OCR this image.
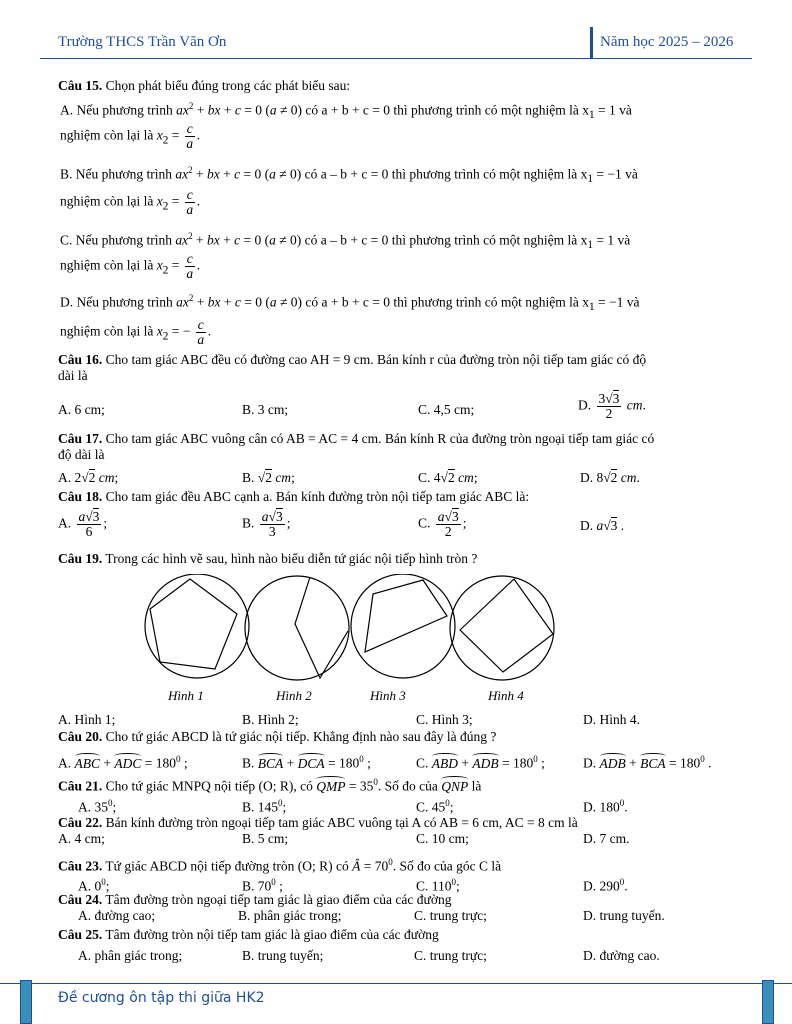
Trường THCS Trần Văn Ơn	Năm học 2025 – 2026
Câu 15. Chọn phát biểu đúng trong các phát biểu sau:
A. Nếu phương trình $ax^2$ + bx + c = 0 (a ≠ 0) có a + b + c = 0 thì phương trình có một nghiệm là $x_1 = 1$ và
nghiệm còn lại là $x_2 = \frac{c}{a}$ .
B. Nếu phương trình $ax^2$ + bx + c = 0 (a ≠ 0) có a – b + c = 0 thì phương trình có một nghiệm là $x_1 = -1$ và
nghiệm còn lại là $x_2 = \frac{c}{a}$ .
C. Nếu phương trình $ax^2$ + bx + c = 0 (a ≠ 0) có a – b + c = 0 thì phương trình có một nghiệm là $x_1 = 1$ và
nghiệm còn lại là $x_2 = \frac{c}{a}$ .
D. Nếu phương trình $ax^2$ + bx + c = 0 (a ≠ 0) có a + b + c = 0 thì phương trình có một nghiệm là $x_1 = -1$ và
nghiệm còn lại là $x_2$ = − $\frac{c}{a}$ .
Câu 16. Cho tam giác ABC đều có đường cao AH = 9 cm. Bán kính r của đường tròn nội tiếp tam giác có độ
dài là
A. 6 cm;	B. 3 cm;	C. 4,5 cm;	D. $\frac{3√3}{2}$ cm.
Câu 17. Cho tam giác ABC vuông cân có AB = AC = 4 cm. Bán kính R của đường tròn ngoại tiếp tam giác có
độ dài là
A. 2√2 cm;	B. √2 cm;	C. 4√2 cm;	D. 8√2 cm.
Câu 18. Cho tam giác đều ABC cạnh a. Bán kính đường tròn nội tiếp tam giác ABC là:
A. $\frac{a√3}{6}$ ;	B. $\frac{a√3}{3}$ ;	C. $\frac{a√3}{2}$ ;	D. a√3 .
Câu 19. Trong các hình vẽ sau, hình nào biểu diễn tứ giác nội tiếp hình tròn ?
Hình 1	Hình 2	Hình 3	Hình 4
A. Hình 1;	B. Hình 2;	C. Hình 3;	D. Hình 4.
Câu 20. Cho tứ giác ABCD là tứ giác nội tiếp. Khẳng định nào sau đây là đúng ?
A. ABC + ADC = $180^0$ ;	B. BCA + DCA = $180^0$ ;	C. ABD + ADB = $180^0$ ;	D. ADB + BCA = $180^0$ .
Câu 21. Cho tứ giác MNPQ nội tiếp (O; R), có QMP = $35^0$. Số đo của QNP là
A. $35^0$;	B. $145^0$;	C. $45^0$;	D. $180^0$.
Câu 22. Bán kính đường tròn ngoại tiếp tam giác ABC vuông tại A có AB = 6 cm, AC = 8 cm là
A. 4 cm;	B. 5 cm;	C. 10 cm;	D. 7 cm.
Câu 23. Tứ giác ABCD nội tiếp đường tròn (O; R) có Â = $70^0$. Số đo của góc C là
A. $0^0$;	B. $70^0$ ;	C. $110^0$;	D. $290^0$.
Câu 24. Tâm đường tròn ngoại tiếp tam giác là giao điểm của các đường
A. đường cao;	B. phân giác trong;	C. trung trực;	D. trung tuyến.
Câu 25. Tâm đường tròn nội tiếp tam giác là giao điểm của các đường
A. phân giác trong;	B. trung tuyến;	C. trung trực;	D. đường cao.
Đề cương ôn tập thi giữa HK2
